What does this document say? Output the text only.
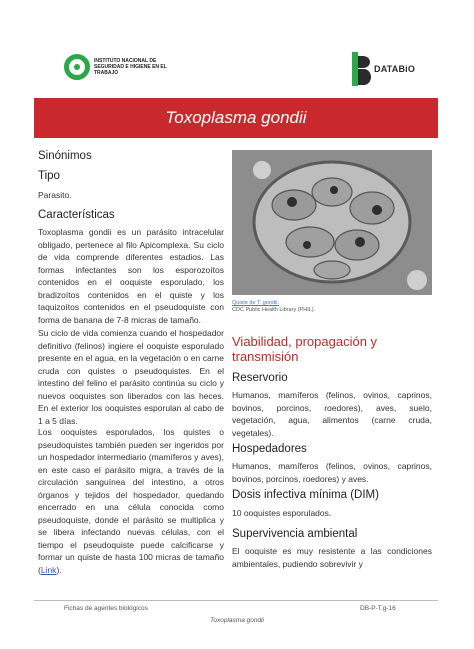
INSTITUTO NACIONAL DE SEGURIDAD E HIGIENE EN EL TRABAJO	DATABiO
Toxoplasma gondii
Sinónimos
Tipo

Parasito.

Características

Toxoplasma gondii es un parásito intracelular obligado, pertenece al filo Apicomplexa. Su ciclo de vida comprende diferentes estadios. Las formas infectantes son los esporozoítos contenidos en el ooquiste esporulado, los bradizoítos contenidos en el quiste y los taquizoítos contenidos en el pseudoquiste con forma de banana de 7-8 micras de tamaño.

Su ciclo de vida comienza cuando el hospedador definitivo (felinos) ingiere el ooquiste esporulado presente en el agua, en la vegetación o en carne cruda con quistes o pseudoquistes. En el intestino del felino el parásito continúa su ciclo y nuevos ooquistes son liberados con las heces. En el exterior los ooquistes esporulan al cabo de 1 a 5 días.

Los ooquistes esporulados, los quistes o pseudoquistes también pueden ser ingeridos por un hospedador intermediario (mamíferos y aves), en este caso el parásito migra, a través de la circulación sanguínea del intestino, a otros órganos y tejidos del hospedador, quedando encerrado en una célula conocida como pseudoquiste, donde el parásito se multiplica y se libera infectando nuevas células, con el tiempo el pseudoquiste puede calcificarse y formar un quiste de hasta 100 micras de tamaño (Link).

Quiste de T. gondii.
CDC Public Health Library (PHIL).

Viabilidad, propagación y transmisión

Reservorio

Humanos, mamíferos (felinos, ovinos, caprinos, bovinos, porcinos, roedores), aves, suelo, vegetación, agua, alimentos (carne cruda, vegetales).

Hospedadores

Humanos, mamíferos (felinos, ovinos, caprinos, bovinos, porcinos, roedores) y aves.

Dosis infectiva mínima (DIM)

10 ooquistes esporulados.

Supervivencia ambiental

El ooquiste es muy resistente a las condiciones ambientales, pudiendo sobrevivir y

Fichas de agentes biológicos	DB-P-T.g-16
Toxoplasma gondii
